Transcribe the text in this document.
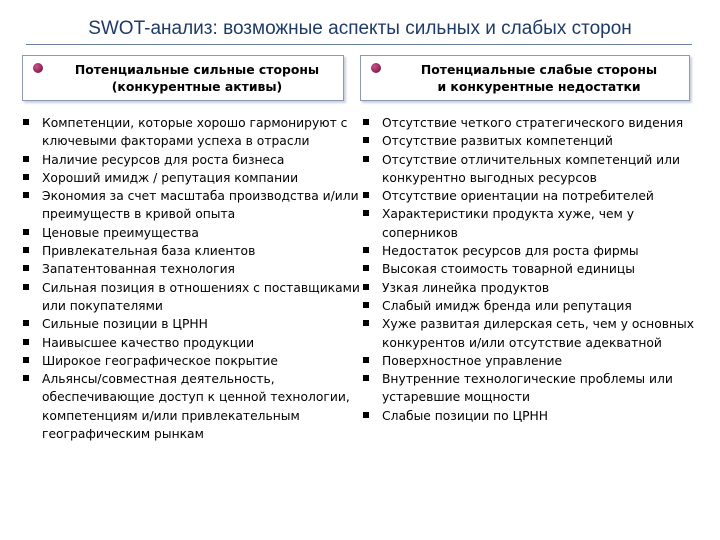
SWOT-анализ: возможные аспекты сильных и слабых сторон
Потенциальные сильные стороны
(конкурентные активы)
Потенциальные слабые стороны
и конкурентные недостатки
Компетенции, которые хорошо гармонируют с ключевыми факторами успеха в отрасли
Наличие ресурсов для роста бизнеса
Хороший имидж / репутация компании
Экономия за счет масштаба производства и/или преимуществ в кривой опыта
Ценовые преимущества
Привлекательная база клиентов
Запатентованная технология
Сильная позиция в отношениях с поставщиками или покупателями
Сильные позиции в ЦРНН
Наивысшее качество продукции
Широкое географическое покрытие
Альянсы/совместная деятельность, обеспечивающие доступ к ценной технологии, компетенциям и/или привлекательным географическим рынкам
Отсутствие четкого стратегического видения
Отсутствие развитых компетенций
Отсутствие отличительных компетенций или конкурентно выгодных ресурсов
Отсутствие ориентации на потребителей
Характеристики продукта хуже, чем у соперников
Недостаток ресурсов для роста фирмы
Высокая стоимость товарной единицы
Узкая линейка продуктов
Слабый имидж бренда или репутация
Хуже развитая дилерская сеть, чем у основных конкурентов и/или отсутствие адекватной
Поверхностное управление
Внутренние технологические проблемы или устаревшие мощности
Слабые позиции по ЦРНН
